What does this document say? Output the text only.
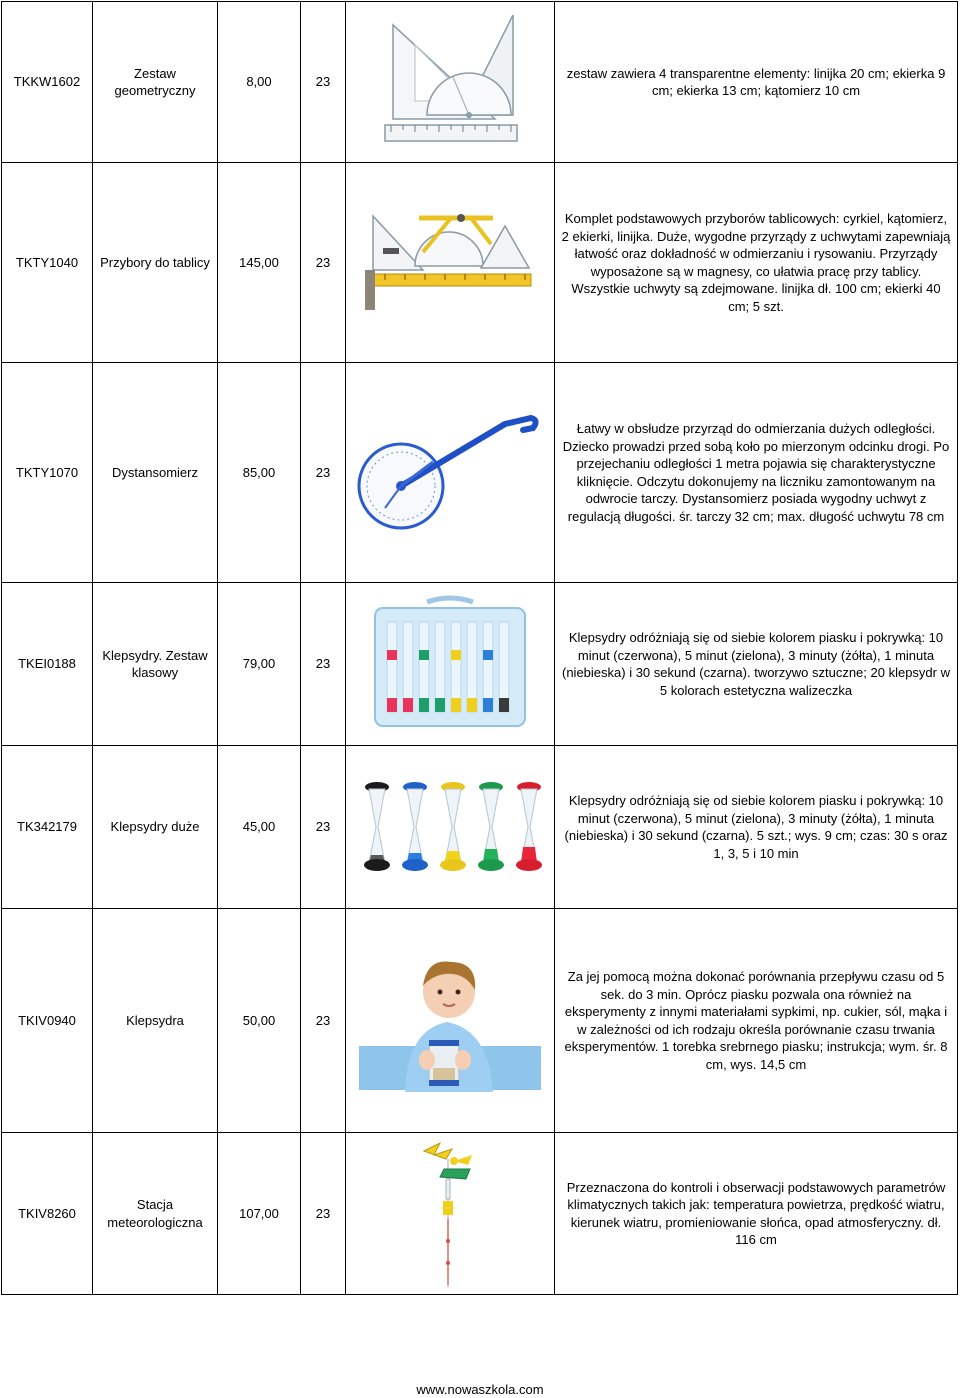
TKKW1602	Zestaw geometryczny	8,00	23		zestaw zawiera 4 transparentne elementy: linijka 20 cm; ekierka 9 cm; ekierka 13 cm; kątomierz 10 cm
TKTY1040	Przybory do tablicy	145,00	23		Komplet podstawowych przyborów tablicowych: cyrkiel, kątomierz, 2 ekierki, linijka. Duże, wygodne przyrządy z uchwytami zapewniają łatwość oraz dokładność w odmierzaniu i rysowaniu. Przyrządy wyposażone są w magnesy, co ułatwia pracę przy tablicy. Wszystkie uchwyty są zdejmowane. linijka dł. 100 cm; ekierki 40 cm; 5 szt.
TKTY1070	Dystansomierz	85,00	23		Łatwy w obsłudze przyrząd do odmierzania dużych odległości. Dziecko prowadzi przed sobą koło po mierzonym odcinku drogi. Po przejechaniu odległości 1 metra pojawia się charakterystyczne kliknięcie. Odczytu dokonujemy na liczniku zamontowanym na odwrocie tarczy. Dystansomierz posiada wygodny uchwyt z regulacją długości. śr. tarczy 32 cm; max. długość uchwytu 78 cm
TKEI0188	Klepsydry. Zestaw klasowy	79,00	23		Klepsydry odróżniają się od siebie kolorem piasku i pokrywką: 10 minut (czerwona), 5 minut (zielona), 3 minuty (żółta), 1 minuta (niebieska) i 30 sekund (czarna). tworzywo sztuczne; 20 klepsydr w 5 kolorach estetyczna walizeczka
TK342179	Klepsydry duże	45,00	23		Klepsydry odróżniają się od siebie kolorem piasku i pokrywką: 10 minut (czerwona), 5 minut (zielona), 3 minuty (żółta), 1 minuta (niebieska) i 30 sekund (czarna). 5 szt.; wys. 9 cm; czas: 30 s oraz 1, 3, 5 i 10 min
TKIV0940	Klepsydra	50,00	23		Za jej pomocą można dokonać porównania przepływu czasu od 5 sek. do 3 min. Oprócz piasku pozwala ona również na eksperymenty z innymi materiałami sypkimi, np. cukier, sól, mąka i w zależności od ich rodzaju określa porównanie czasu trwania eksperymentów. 1 torebka srebrnego piasku; instrukcja; wym. śr. 8 cm, wys. 14,5 cm
TKIV8260	Stacja meteorologiczna	107,00	23		Przeznaczona do kontroli i obserwacji podstawowych parametrów klimatycznych takich jak: temperatura powietrza, prędkość wiatru, kierunek wiatru, promieniowanie słońca, opad atmosferyczny. dł. 116 cm
www.nowaszkola.com
